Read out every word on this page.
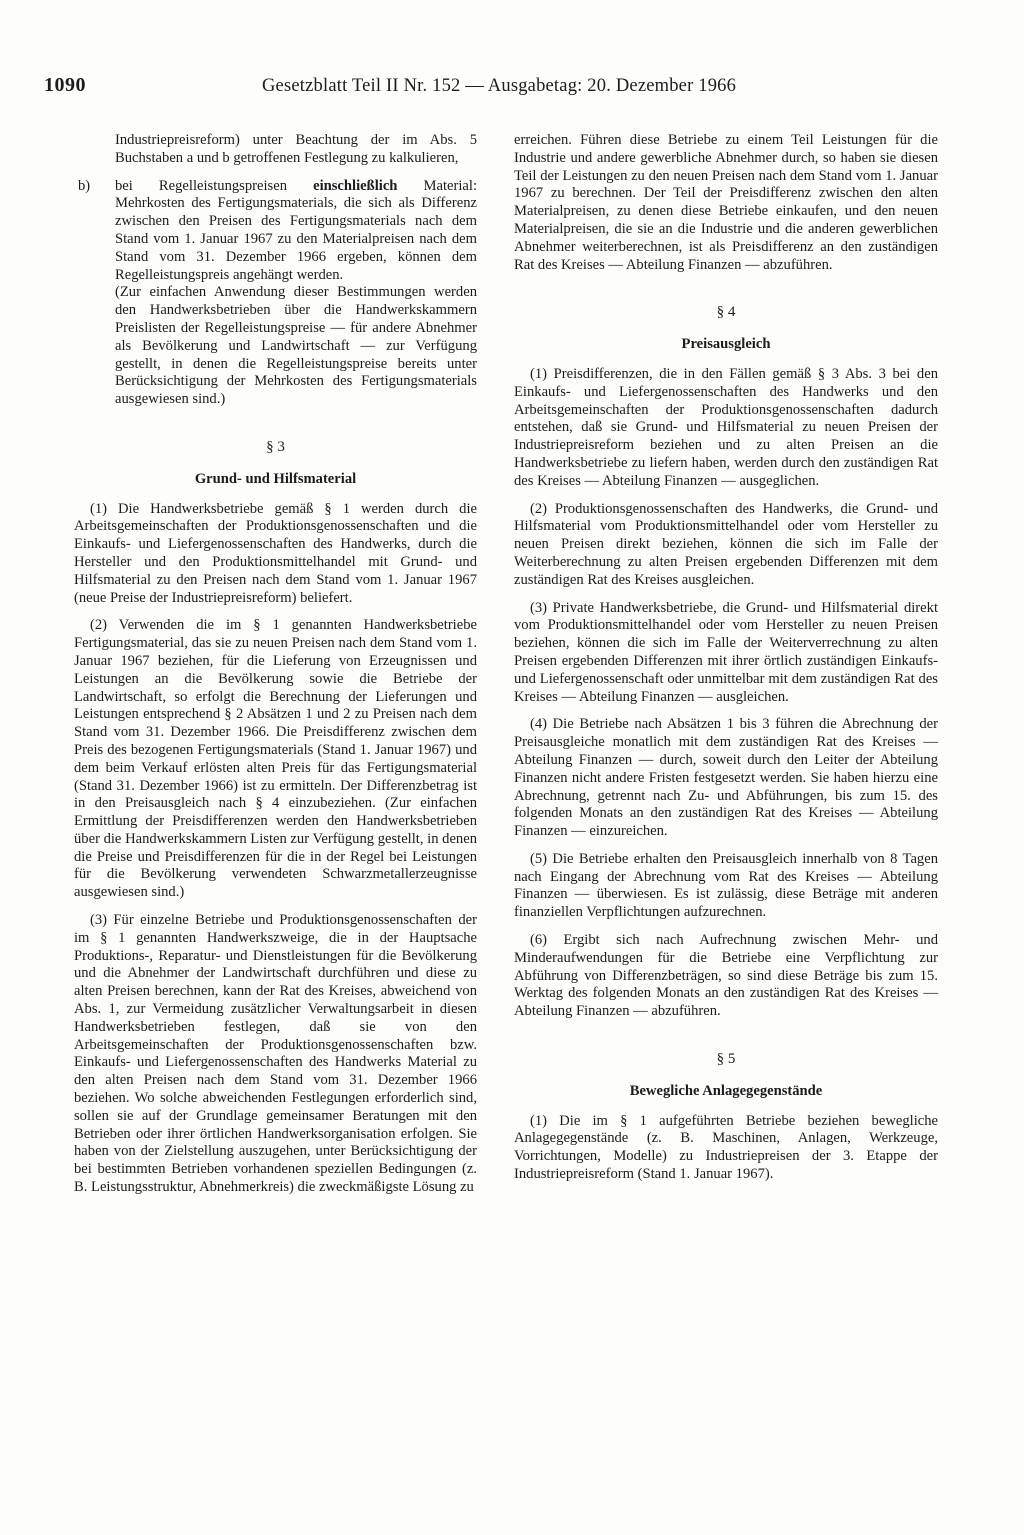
1090	Gesetzblatt Teil II Nr. 152 — Ausgabetag: 20. Dezember 1966

Industriepreisreform) unter Beachtung der im Abs. 5 Buchstaben a und b getroffenen Festlegung zu kalkulieren,

b) bei Regelleistungspreisen einschließlich Material: Mehrkosten des Fertigungsmaterials, die sich als Differenz zwischen den Preisen des Fertigungsmaterials nach dem Stand vom 1. Januar 1967 zu den Materialpreisen nach dem Stand vom 31. Dezember 1966 ergeben, können dem Regelleistungspreis angehängt werden.
(Zur einfachen Anwendung dieser Bestimmungen werden den Handwerksbetrieben über die Handwerkskammern Preislisten der Regelleistungspreise — für andere Abnehmer als Bevölkerung und Landwirtschaft — zur Verfügung gestellt, in denen die Regelleistungspreise bereits unter Berücksichtigung der Mehrkosten des Fertigungsmaterials ausgewiesen sind.)
§ 3
Grund- und Hilfsmaterial

(1) Die Handwerksbetriebe gemäß § 1 werden durch die Arbeitsgemeinschaften der Produktionsgenossenschaften und die Einkaufs- und Liefergenossenschaften des Handwerks, durch die Hersteller und den Produktionsmittelhandel mit Grund- und Hilfsmaterial zu den Preisen nach dem Stand vom 1. Januar 1967 (neue Preise der Industriepreisreform) beliefert.

(2) Verwenden die im § 1 genannten Handwerksbetriebe Fertigungsmaterial, das sie zu neuen Preisen nach dem Stand vom 1. Januar 1967 beziehen, für die Lieferung von Erzeugnissen und Leistungen an die Bevölkerung sowie die Betriebe der Landwirtschaft, so erfolgt die Berechnung der Lieferungen und Leistungen entsprechend § 2 Absätzen 1 und 2 zu Preisen nach dem Stand vom 31. Dezember 1966. Die Preisdifferenz zwischen dem Preis des bezogenen Fertigungsmaterials (Stand 1. Januar 1967) und dem beim Verkauf erlösten alten Preis für das Fertigungsmaterial (Stand 31. Dezember 1966) ist zu ermitteln. Der Differenzbetrag ist in den Preisausgleich nach § 4 einzubeziehen. (Zur einfachen Ermittlung der Preisdifferenzen werden den Handwerksbetrieben über die Handwerkskammern Listen zur Verfügung gestellt, in denen die Preise und Preisdifferenzen für die in der Regel bei Leistungen für die Bevölkerung verwendeten Schwarzmetallerzeugnisse ausgewiesen sind.)

(3) Für einzelne Betriebe und Produktionsgenossenschaften der im § 1 genannten Handwerkszweige, die in der Hauptsache Produktions-, Reparatur- und Dienstleistungen für die Bevölkerung und die Abnehmer der Landwirtschaft durchführen und diese zu alten Preisen berechnen, kann der Rat des Kreises, abweichend von Abs. 1, zur Vermeidung zusätzlicher Verwaltungsarbeit in diesen Handwerksbetrieben festlegen, daß sie von den Arbeitsgemeinschaften der Produktionsgenossenschaften bzw. Einkaufs- und Liefergenossenschaften des Handwerks Material zu den alten Preisen nach dem Stand vom 31. Dezember 1966 beziehen. Wo solche abweichenden Festlegungen erforderlich sind, sollen sie auf der Grundlage gemeinsamer Beratungen mit den Betrieben oder ihrer örtlichen Handwerksorganisation erfolgen. Sie haben von der Zielstellung auszugehen, unter Berücksichtigung der bei bestimmten Betrieben vorhandenen speziellen Bedingungen (z. B. Leistungsstruktur, Abnehmerkreis) die zweckmäßigste Lösung zu

erreichen. Führen diese Betriebe zu einem Teil Leistungen für die Industrie und andere gewerbliche Abnehmer durch, so haben sie diesen Teil der Leistungen zu den neuen Preisen nach dem Stand vom 1. Januar 1967 zu berechnen. Der Teil der Preisdifferenz zwischen den alten Materialpreisen, zu denen diese Betriebe einkaufen, und den neuen Materialpreisen, die sie an die Industrie und die anderen gewerblichen Abnehmer weiterberechnen, ist als Preisdifferenz an den zuständigen Rat des Kreises — Abteilung Finanzen — abzuführen.

§ 4
Preisausgleich

(1) Preisdifferenzen, die in den Fällen gemäß § 3 Abs. 3 bei den Einkaufs- und Liefergenossenschaften des Handwerks und den Arbeitsgemeinschaften der Produktionsgenossenschaften dadurch entstehen, daß sie Grund- und Hilfsmaterial zu neuen Preisen der Industriepreisreform beziehen und zu alten Preisen an die Handwerksbetriebe zu liefern haben, werden durch den zuständigen Rat des Kreises — Abteilung Finanzen — ausgeglichen.

(2) Produktionsgenossenschaften des Handwerks, die Grund- und Hilfsmaterial vom Produktionsmittelhandel oder vom Hersteller zu neuen Preisen direkt beziehen, können die sich im Falle der Weiterberechnung zu alten Preisen ergebenden Differenzen mit dem zuständigen Rat des Kreises ausgleichen.

(3) Private Handwerksbetriebe, die Grund- und Hilfsmaterial direkt vom Produktionsmittelhandel oder vom Hersteller zu neuen Preisen beziehen, können die sich im Falle der Weiterverrechnung zu alten Preisen ergebenden Differenzen mit ihrer örtlich zuständigen Einkaufs- und Liefergenossenschaft oder unmittelbar mit dem zuständigen Rat des Kreises — Abteilung Finanzen — ausgleichen.

(4) Die Betriebe nach Absätzen 1 bis 3 führen die Abrechnung der Preisausgleiche monatlich mit dem zuständigen Rat des Kreises — Abteilung Finanzen — durch, soweit durch den Leiter der Abteilung Finanzen nicht andere Fristen festgesetzt werden. Sie haben hierzu eine Abrechnung, getrennt nach Zu- und Abführungen, bis zum 15. des folgenden Monats an den zuständigen Rat des Kreises — Abteilung Finanzen — einzureichen.

(5) Die Betriebe erhalten den Preisausgleich innerhalb von 8 Tagen nach Eingang der Abrechnung vom Rat des Kreises — Abteilung Finanzen — überwiesen. Es ist zulässig, diese Beträge mit anderen finanziellen Verpflichtungen aufzurechnen.

(6) Ergibt sich nach Aufrechnung zwischen Mehr- und Minderaufwendungen für die Betriebe eine Verpflichtung zur Abführung von Differenzbeträgen, so sind diese Beträge bis zum 15. Werktag des folgenden Monats an den zuständigen Rat des Kreises — Abteilung Finanzen — abzuführen.

§ 5
Bewegliche Anlagegegenstände

(1) Die im § 1 aufgeführten Betriebe beziehen bewegliche Anlagegegenstände (z. B. Maschinen, Anlagen, Werkzeuge, Vorrichtungen, Modelle) zu Industriepreisen der 3. Etappe der Industriepreisreform (Stand 1. Januar 1967).
